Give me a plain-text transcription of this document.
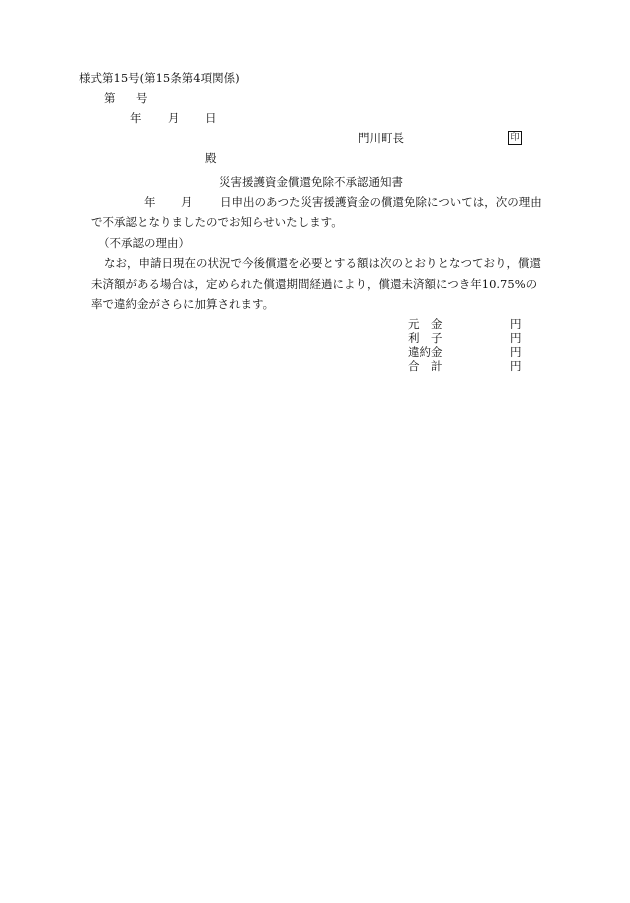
様式第15号(第15条第4項関係)
第 号
年 月 日
門川町長	印
殿
災害援護資金償還免除不承認通知書
年 月 日申出のあつた災害援護資金の償還免除については，次の理由
で不承認となりましたのでお知らせいたします。
（不承認の理由）
なお，申請日現在の状況で今後償還を必要とする額は次のとおりとなつており，償還
未済額がある場合は，定められた償還期間経過により，償還未済額につき年10.75%の
率で違約金がさらに加算されます。
元　金	円
利　子	円
違約金	円
合　計	円
